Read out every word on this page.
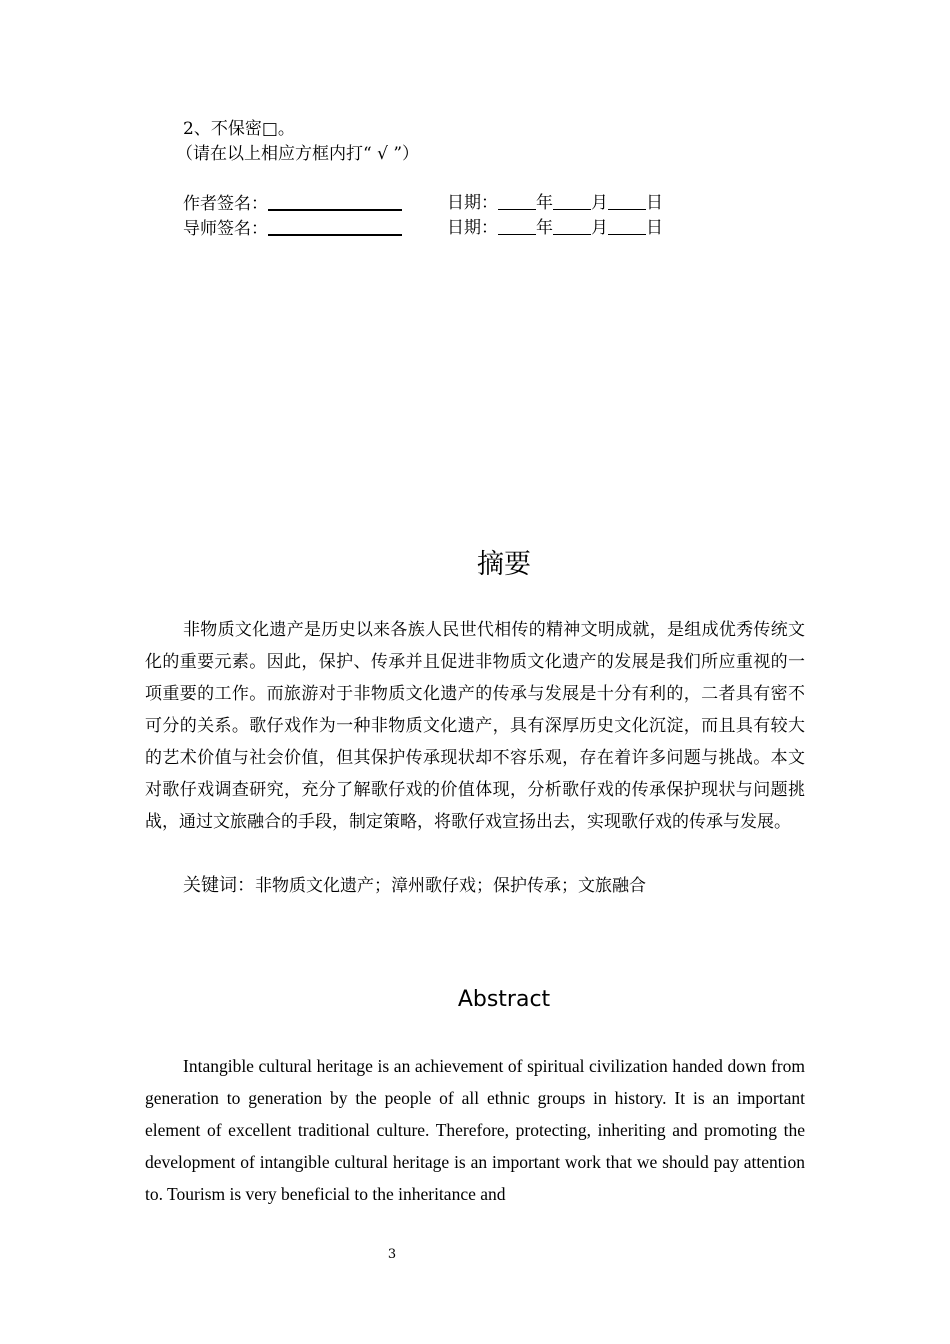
2、不保密□。
（请在以上相应方框内打“ √ ”）
作者签名：	日期： 年 月 日
导师签名：	日期： 年 月 日
摘要
非物质文化遗产是历史以来各族人民世代相传的精神文明成就，是组成优秀传统文化的重要元素。因此，保护、传承并且促进非物质文化遗产的发展是我们所应重视的一项重要的工作。而旅游对于非物质文化遗产的传承与发展是十分有利的，二者具有密不可分的关系。歌仔戏作为一种非物质文化遗产，具有深厚历史文化沉淀，而且具有较大的艺术价值与社会价值，但其保护传承现状却不容乐观，存在着许多问题与挑战。本文对歌仔戏调查研究，充分了解歌仔戏的价值体现，分析歌仔戏的传承保护现状与问题挑战，通过文旅融合的手段，制定策略，将歌仔戏宣扬出去，实现歌仔戏的传承与发展。
关键词：非物质文化遗产；漳州歌仔戏；保护传承；文旅融合
Abstract
Intangible cultural heritage is an achievement of spiritual civilization handed down from generation to generation by the people of all ethnic groups in history. It is an important element of excellent traditional culture. Therefore, protecting, inheriting and promoting the development of intangible cultural heritage is an important work that we should pay attention to. Tourism is very beneficial to the inheritance and
3
